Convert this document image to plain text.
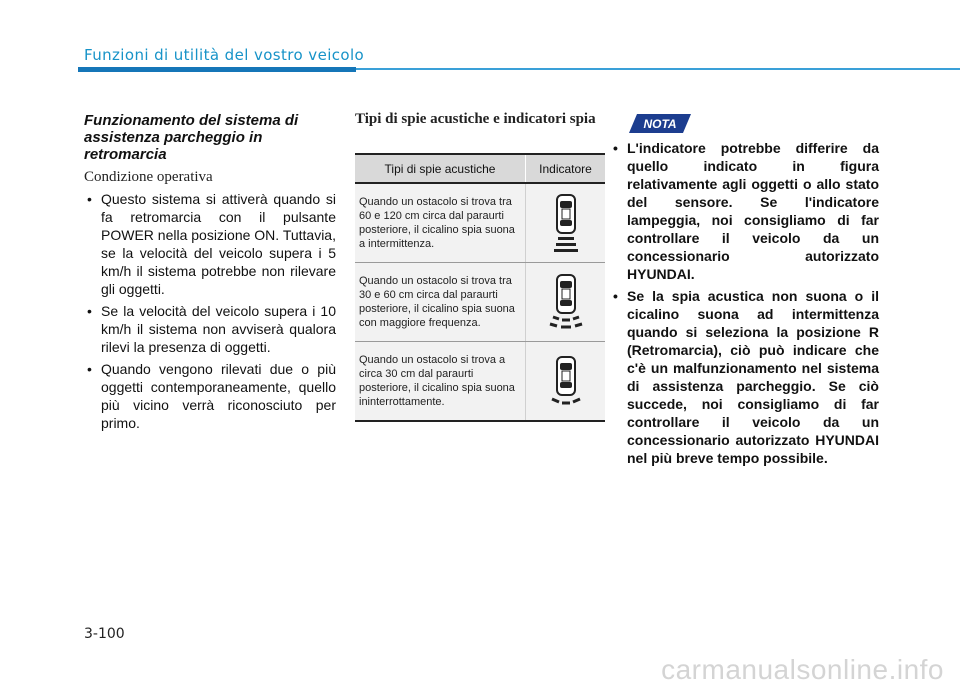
Funzioni di utilità del vostro veicolo
Funzionamento del sistema di assistenza parcheggio in retromarcia
Condizione operativa
• Questo sistema si attiverà quando si fa retromarcia con il pulsante POWER nella posizione ON. Tuttavia, se la velocità del veicolo supera i 5 km/h il sistema potrebbe non rilevare gli oggetti.
• Se la velocità del veicolo supera i 10 km/h il sistema non avviserà qualora rilevi la presenza di oggetti.
• Quando vengono rilevati due o più oggetti contemporaneamente, quello più vicino verrà riconosciuto per primo.
Tipi di spie acustiche e indicatori spia
Tipi di spie acustiche	Indicatore
Quando un ostacolo si trova tra 60 e 120 cm circa dal paraurti posteriore, il cicalino spia suona a intermittenza.
Quando un ostacolo si trova tra 30 e 60 cm circa dal paraurti posteriore, il cicalino spia suona con maggiore frequenza.
Quando un ostacolo si trova a circa 30 cm dal paraurti posteriore, il cicalino spia suona ininterrottamente.
NOTA
• L'indicatore potrebbe differire da quello indicato in figura relativamente agli oggetti o allo stato del sensore. Se l'indicatore lampeggia, noi consigliamo di far controllare il veicolo da un concessionario autorizzato HYUNDAI.
• Se la spia acustica non suona o il cicalino suona ad intermittenza quando si seleziona la posizione R (Retromarcia), ciò può indicare che c'è un malfunzionamento nel sistema di assistenza parcheggio. Se ciò succede, noi consigliamo di far controllare il veicolo da un concessionario autorizzato HYUNDAI nel più breve tempo possibile.
3-100
carmanualsonline.info
